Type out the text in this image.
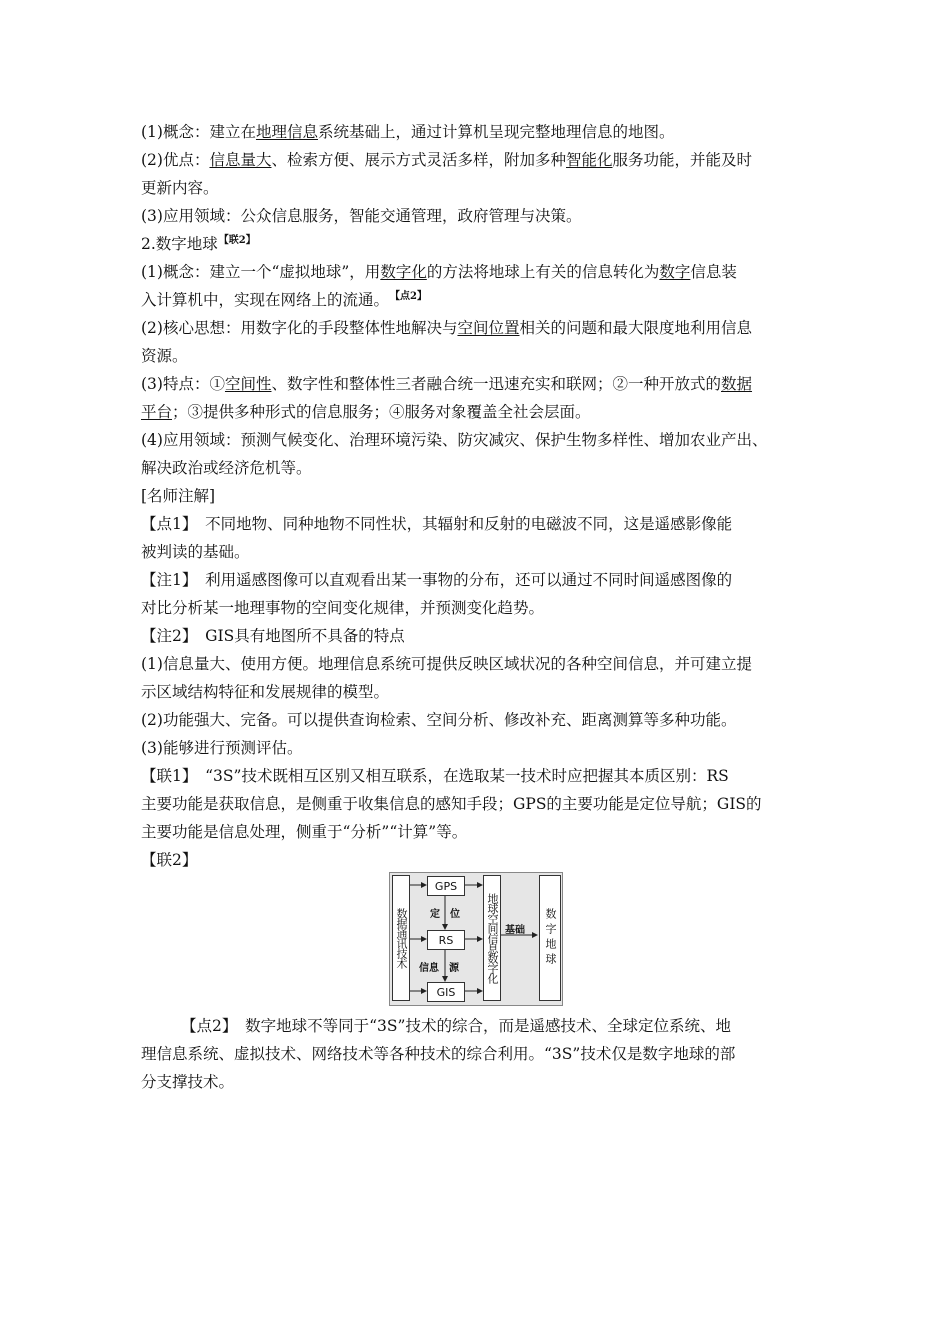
(1)概念：建立在地理信息系统基础上，通过计算机呈现完整地理信息的地图。
(2)优点：信息量大、检索方便、展示方式灵活多样，附加多种智能化服务功能，并能及时
更新内容。
(3)应用领域：公众信息服务，智能交通管理，政府管理与决策。
2.数字地球【联2】
(1)概念：建立一个“虚拟地球”，用数字化的方法将地球上有关的信息转化为数字信息装
入计算机中，实现在网络上的流通。【点2】
(2)核心思想：用数字化的手段整体性地解决与空间位置相关的问题和最大限度地利用信息
资源。
(3)特点：①空间性、数字性和整体性三者融合统一迅速充实和联网；②一种开放式的数据
平台；③提供多种形式的信息服务；④服务对象覆盖全社会层面。
(4)应用领域：预测气候变化、治理环境污染、防灾减灾、保护生物多样性、增加农业产出、
解决政治或经济危机等。
[名师注解]
【点1】　不同地物、同种地物不同性状，其辐射和反射的电磁波不同，这是遥感影像能
被判读的基础。
【注1】　利用遥感图像可以直观看出某一事物的分布，还可以通过不同时间遥感图像的
对比分析某一地理事物的空间变化规律，并预测变化趋势。
【注2】　GIS具有地图所不具备的特点
(1)信息量大、使用方便。地理信息系统可提供反映区域状况的各种空间信息，并可建立提
示区域结构特征和发展规律的模型。
(2)功能强大、完备。可以提供查询检索、空间分析、修改补充、距离测算等多种功能。
(3)能够进行预测评估。
【联1】　“3S”技术既相互区别又相互联系，在选取某一技术时应把握其本质区别：RS
主要功能是获取信息，是侧重于收集信息的感知手段；GPS的主要功能是定位导航；GIS的
主要功能是信息处理，侧重于“分析”“计算”等。
【联2】
数据通讯技术
GPS
RS
GIS
定　位
信息　源 地球空间信息数字化 基础 数字地球
【点2】　数字地球不等同于“3S”技术的综合，而是遥感技术、全球定位系统、地
理信息系统、虚拟技术、网络技术等各种技术的综合利用。“3S”技术仅是数字地球的部
分支撑技术。
